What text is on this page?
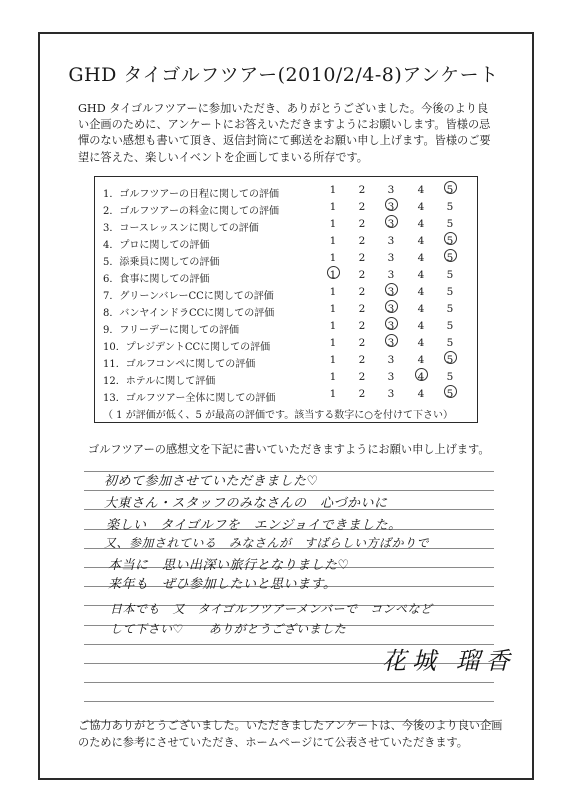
GHD タイゴルフツアー(2010/2/4-8)アンケート

GHD タイゴルフツアーに参加いただき、ありがとうございました。今後のより良い企画のために、アンケートにお答えいただきますようにお願いします。皆様の忌憚のない感想も書いて頂き、返信封筒にて郵送をお願い申し上げます。皆様のご要望に答えた、楽しいイベントを企画してまいる所存です。

（ 1 が評価が低く、5 が最高の評価です。該当する数字に○を付けて下さい）
1．ゴルフツアーの日程に関しての評価	1	2	3	4	5
2．ゴルフツアーの料金に関しての評価	1	2	3	4	5
3．コースレッスンに関しての評価	1	2	3	4	5
4．プロに関しての評価	1	2	3	4	5
5．添乗員に関しての評価	1	2	3	4	5
6．食事に関しての評価	1	2	3	4	5
7．グリーンバレーCCに関しての評価	1	2	3	4	5
8．バンヤインドラCCに関しての評価	1	2	3	4	5
9．フリーデーに関しての評価	1	2	3	4	5
10．プレジデントCCに関しての評価	1	2	3	4	5
11．ゴルフコンペに関しての評価	1	2	3	4	5
12．ホテルに関して評価	1	2	3	4	5
13．ゴルフツアー全体に関しての評価	1	2	3	4	5
ゴルフツアーの感想文を下記に書いていただきますようにお願い申し上げます。
初めて参加させていただきました♡
大東さん・スタッフのみなさんの　心づかいに
楽しい　タイゴルフを　エンジョイできました。
又、参加されている　みなさんが　すばらしい方ばかりで
本当に　思い出深い旅行となりました♡
来年も　ぜひ参加したいと思います。
日本でも　又　タイゴルフツアーメンバーで　コンペなど
して下さい♡　　ありがとうございました
花城 瑠香

ご協力ありがとうございました。いただきましたアンケートは、今後のより良い企画のために参考にさせていただき、ホームページにて公表させていただきます。
